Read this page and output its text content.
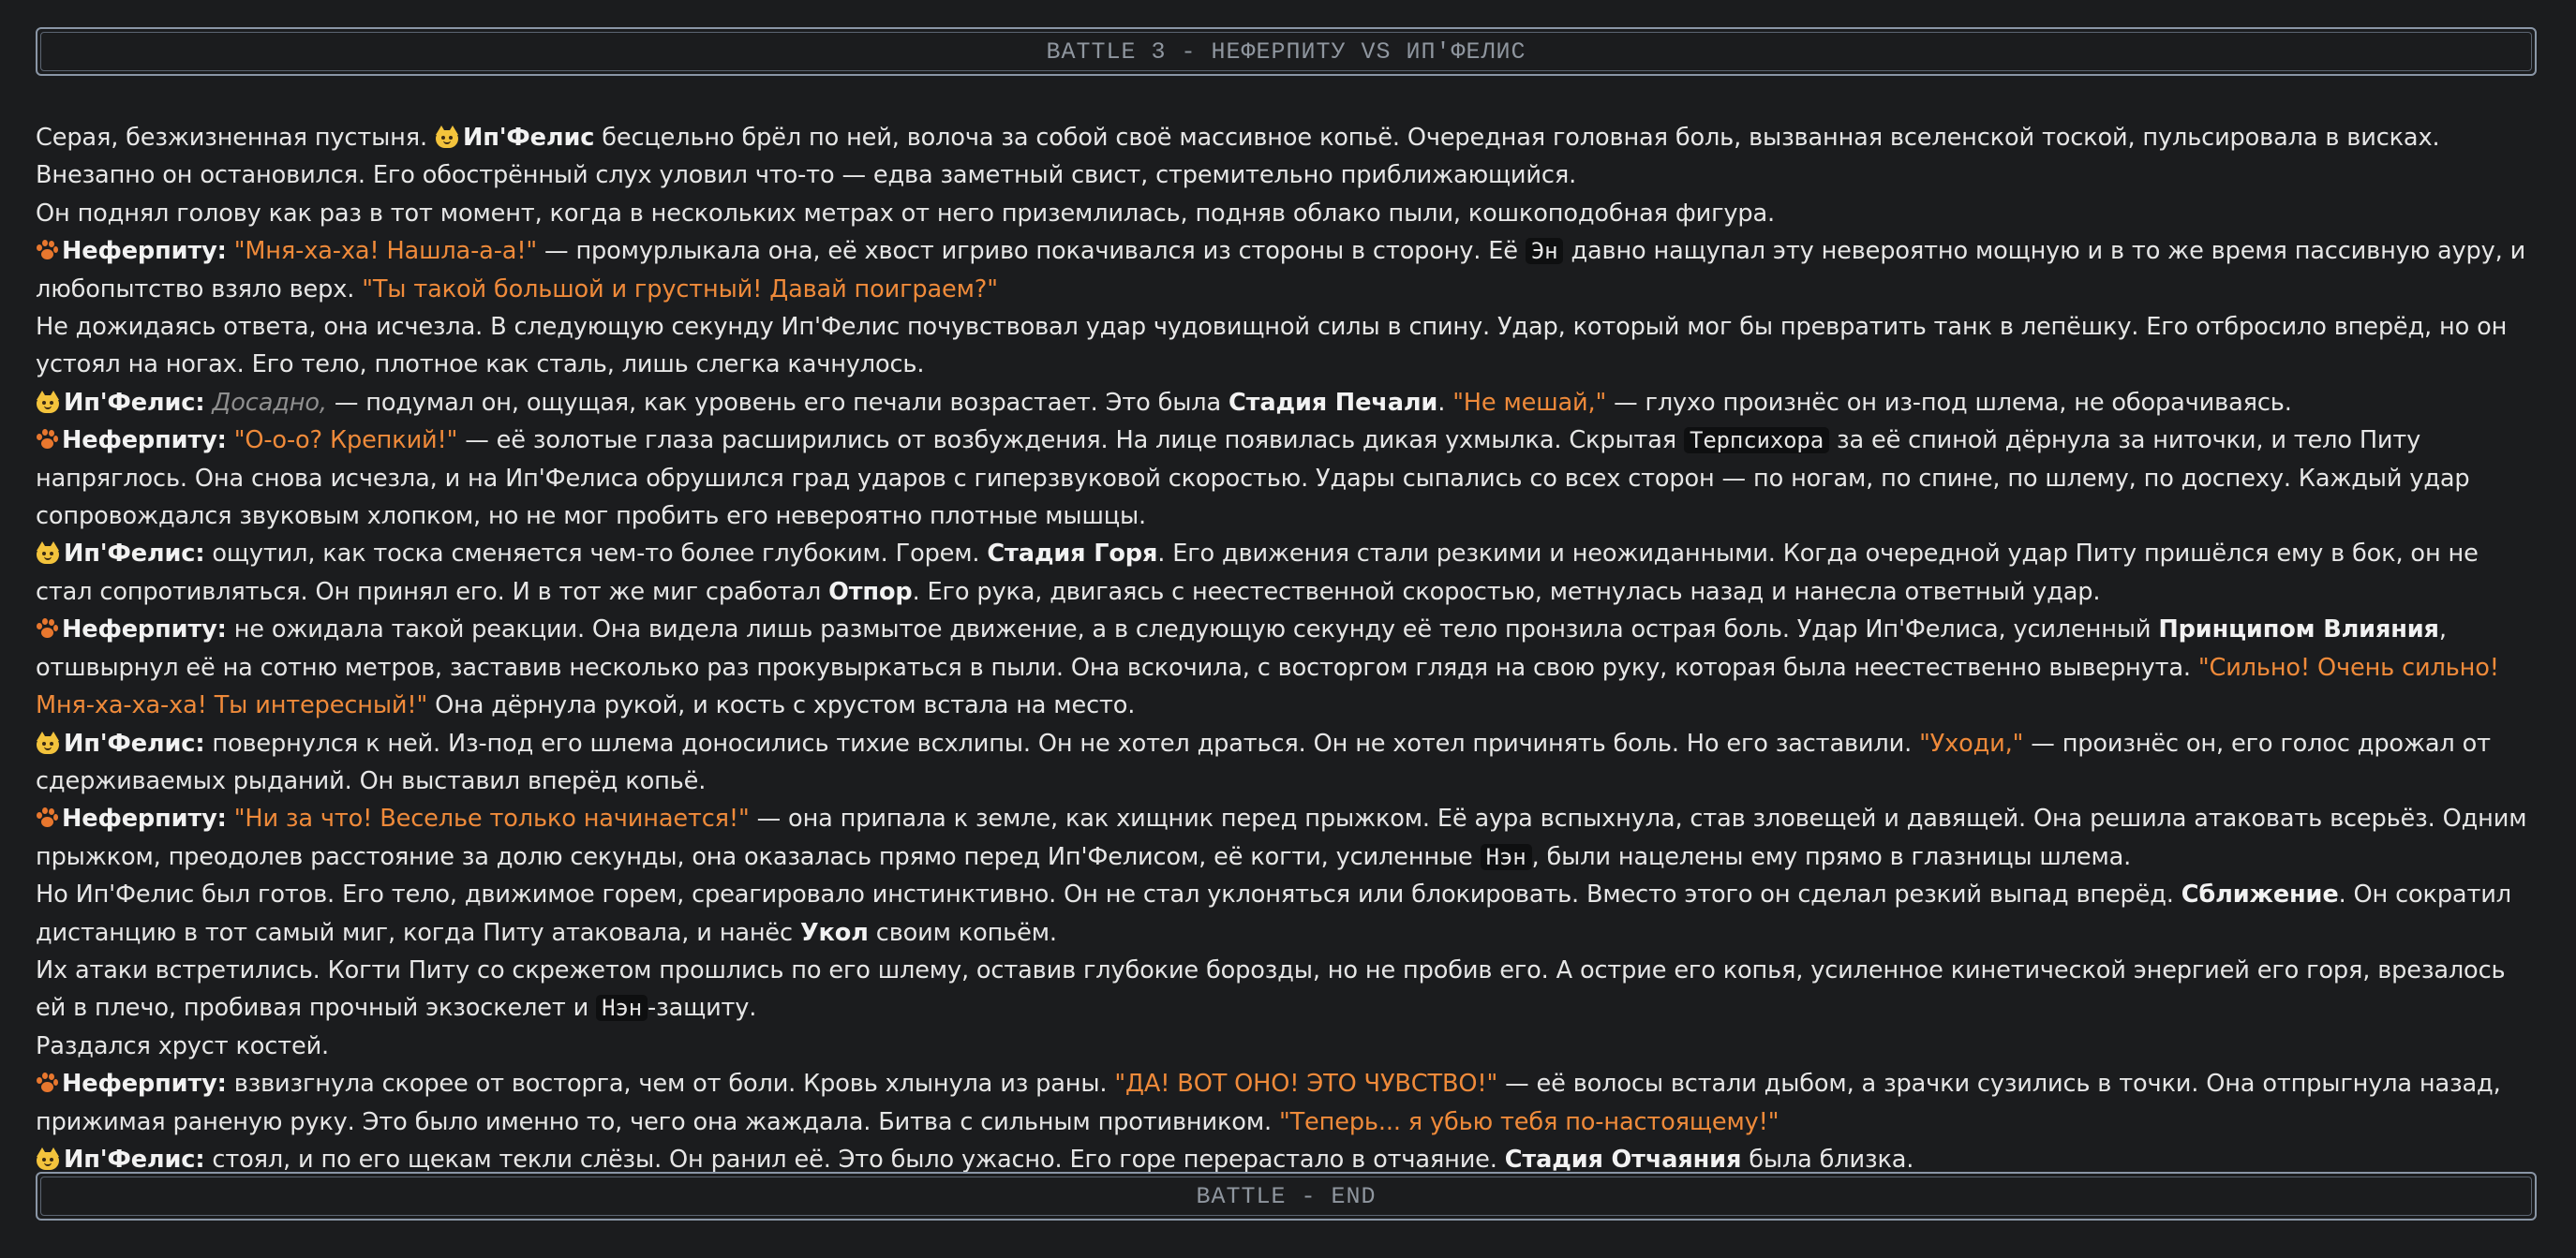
BATTLE 3 - НЕФЕРПИТУ VS ИП'ФЕЛИС

Серая, безжизненная пустыня.
Ип'Фелис бесцельно брёл по ней, волоча за собой своё массивное копьё. Очередная головная боль, вызванная вселенской тоской, пульсировала в висках. Внезапно он остановился. Его обострённый слух уловил что-то — едва заметный свист, стремительно приближающийся.

Он поднял голову как раз в тот момент, когда в нескольких метрах от него приземлилась, подняв облако пыли, кошкоподобная фигура.

Неферпиту: "Мня-ха-ха! Нашла-а-а!" — промурлыкала она, её хвост игриво покачивался из стороны в сторону. Её Эн давно нащупал эту невероятно мощную и в то же время пассивную ауру, и любопытство взяло верх. "Ты такой большой и грустный! Давай поиграем?"

Не дожидаясь ответа, она исчезла. В следующую секунду Ип'Фелис почувствовал удар чудовищной силы в спину. Удар, который мог бы превратить танк в лепёшку. Его отбросило вперёд, но он устоял на ногах. Его тело, плотное как сталь, лишь слегка качнулось.

Ип'Фелис: Досадно, — подумал он, ощущая, как уровень его печали возрастает. Это была Стадия Печали. "Не мешай," — глухо произнёс он из-под шлема, не оборачиваясь.

Неферпиту: "О-о-о? Крепкий!" — её золотые глаза расширились от возбуждения. На лице появилась дикая ухмылка. Скрытая Терпсихора за её спиной дёрнула за ниточки, и тело Питу напряглось. Она снова исчезла, и на Ип'Фелиса обрушился град ударов с гиперзвуковой скоростью. Удары сыпались со всех сторон — по ногам, по спине, по шлему, по доспеху. Каждый удар сопровождался звуковым хлопком, но не мог пробить его невероятно плотные мышцы.

Ип'Фелис: ощутил, как тоска сменяется чем-то более глубоким. Горем. Стадия Горя. Его движения стали резкими и неожиданными. Когда очередной удар Питу пришёлся ему в бок, он не стал сопротивляться. Он принял его. И в тот же миг сработал Отпор. Его рука, двигаясь с неестественной скоростью, метнулась назад и нанесла ответный удар.

Неферпиту: не ожидала такой реакции. Она видела лишь размытое движение, а в следующую секунду её тело пронзила острая боль. Удар Ип'Фелиса, усиленный Принципом Влияния, отшвырнул её на сотню метров, заставив несколько раз прокувыркаться в пыли. Она вскочила, с восторгом глядя на свою руку, которая была неестественно вывернута. "Сильно! Очень сильно! Мня-ха-ха-ха! Ты интересный!" Она дёрнула рукой, и кость с хрустом встала на место.

Ип'Фелис: повернулся к ней. Из-под его шлема доносились тихие всхлипы. Он не хотел драться. Он не хотел причинять боль. Но его заставили. "Уходи," — произнёс он, его голос дрожал от сдерживаемых рыданий. Он выставил вперёд копьё.

Неферпиту: "Ни за что! Веселье только начинается!" — она припала к земле, как хищник перед прыжком. Её аура вспыхнула, став зловещей и давящей. Она решила атаковать всерьёз. Одним прыжком, преодолев расстояние за долю секунды, она оказалась прямо перед Ип'Фелисом, её когти, усиленные Нэн , были нацелены ему прямо в глазницы шлема.

Но Ип'Фелис был готов. Его тело, движимое горем, среагировало инстинктивно. Он не стал уклоняться или блокировать. Вместо этого он сделал резкий выпад вперёд. Сближение. Он сократил дистанцию в тот самый миг, когда Питу атаковала, и нанёс Укол своим копьём.

Их атаки встретились. Когти Питу со скрежетом прошлись по его шлему, оставив глубокие борозды, но не пробив его. А острие его копья, усиленное кинетической энергией его горя, врезалось ей в плечо, пробивая прочный экзоскелет и Нэн -защиту.

Раздался хруст костей.

Неферпиту: взвизгнула скорее от восторга, чем от боли. Кровь хлынула из раны. "ДА! ВОТ ОНО! ЭТО ЧУВСТВО!" — её волосы встали дыбом, а зрачки сузились в точки. Она отпрыгнула назад, прижимая раненую руку. Это было именно то, чего она жаждала. Битва с сильным противником. "Теперь... я убью тебя по-настоящему!"

Ип'Фелис: стоял, и по его щекам текли слёзы. Он ранил её. Это было ужасно. Его горе перерастало в отчаяние. Стадия Отчаяния была близка.

BATTLE - END
